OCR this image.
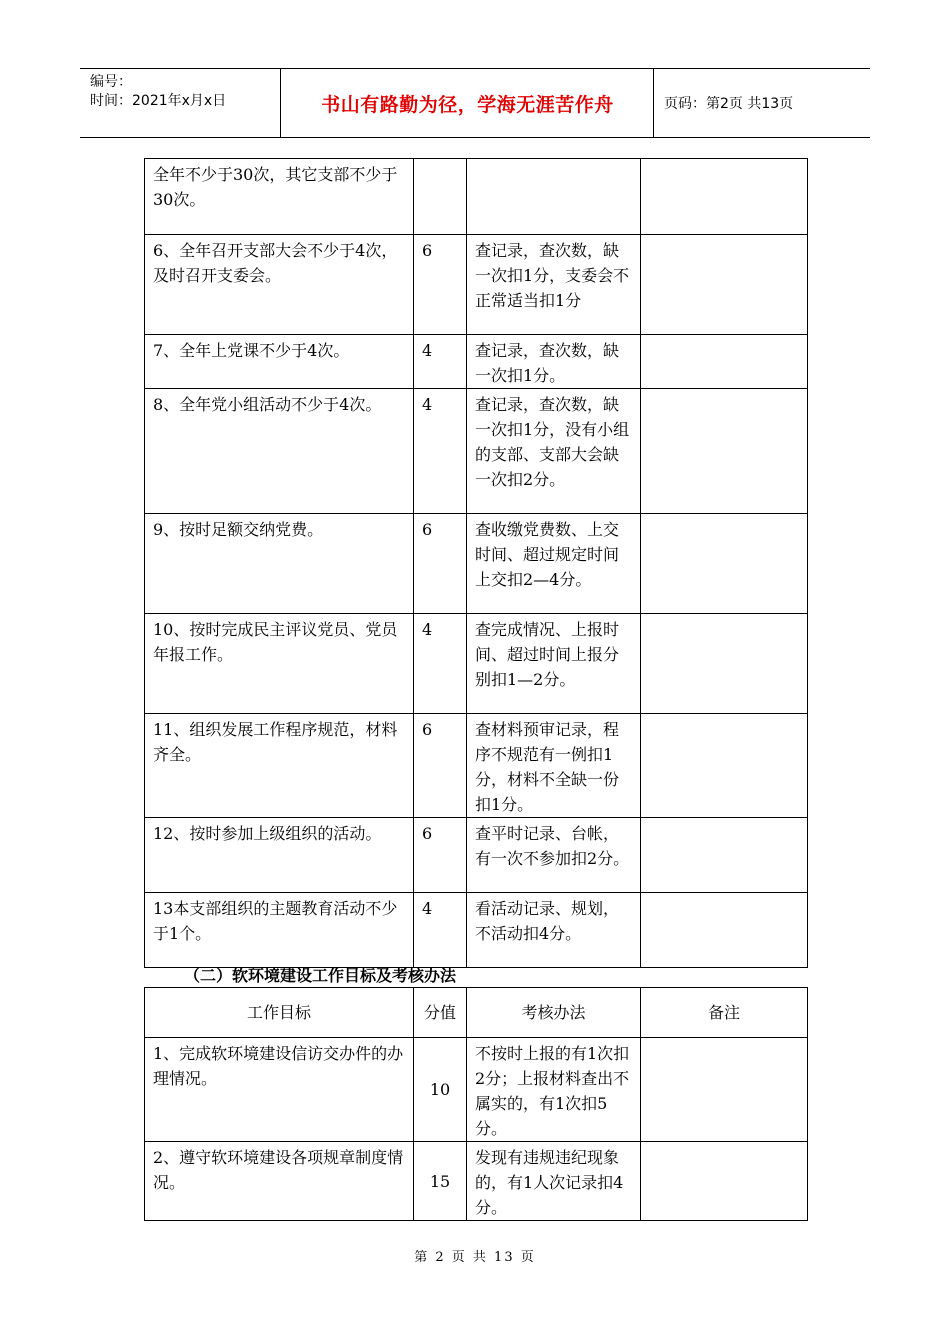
编号：
时间：2021年x月x日	书山有路勤为径，学海无涯苦作舟	页码：第2页 共13页
全年不少于30次，其它支部不少于30次。			
6、全年召开支部大会不少于4次，及时召开支委会。	6	查记录，查次数，缺一次扣1分，支委会不正常适当扣1分	
7、全年上党课不少于4次。	4	查记录，查次数，缺一次扣1分。	
8、全年党小组活动不少于4次。	4	查记录，查次数，缺一次扣1分，没有小组的支部、支部大会缺一次扣2分。	
9、按时足额交纳党费。	6	查收缴党费数、上交时间、超过规定时间上交扣2—4分。	
10、按时完成民主评议党员、党员年报工作。	4	查完成情况、上报时间、超过时间上报分别扣1—2分。	
11、组织发展工作程序规范，材料齐全。	6	查材料预审记录，程序不规范有一例扣1分，材料不全缺一份扣1分。	
12、按时参加上级组织的活动。	6	查平时记录、台帐，有一次不参加扣2分。	
13本支部组织的主题教育活动不少于1个。	4	看活动记录、规划，不活动扣4分。	
（二）软环境建设工作目标及考核办法
工作目标	分值	考核办法	备注
1、完成软环境建设信访交办件的办理情况。	10	不按时上报的有1次扣2分；上报材料查出不属实的，有1次扣5分。	
2、遵守软环境建设各项规章制度情况。	15	发现有违规违纪现象的，有1人次记录扣4分。	
第 2 页 共 13 页
